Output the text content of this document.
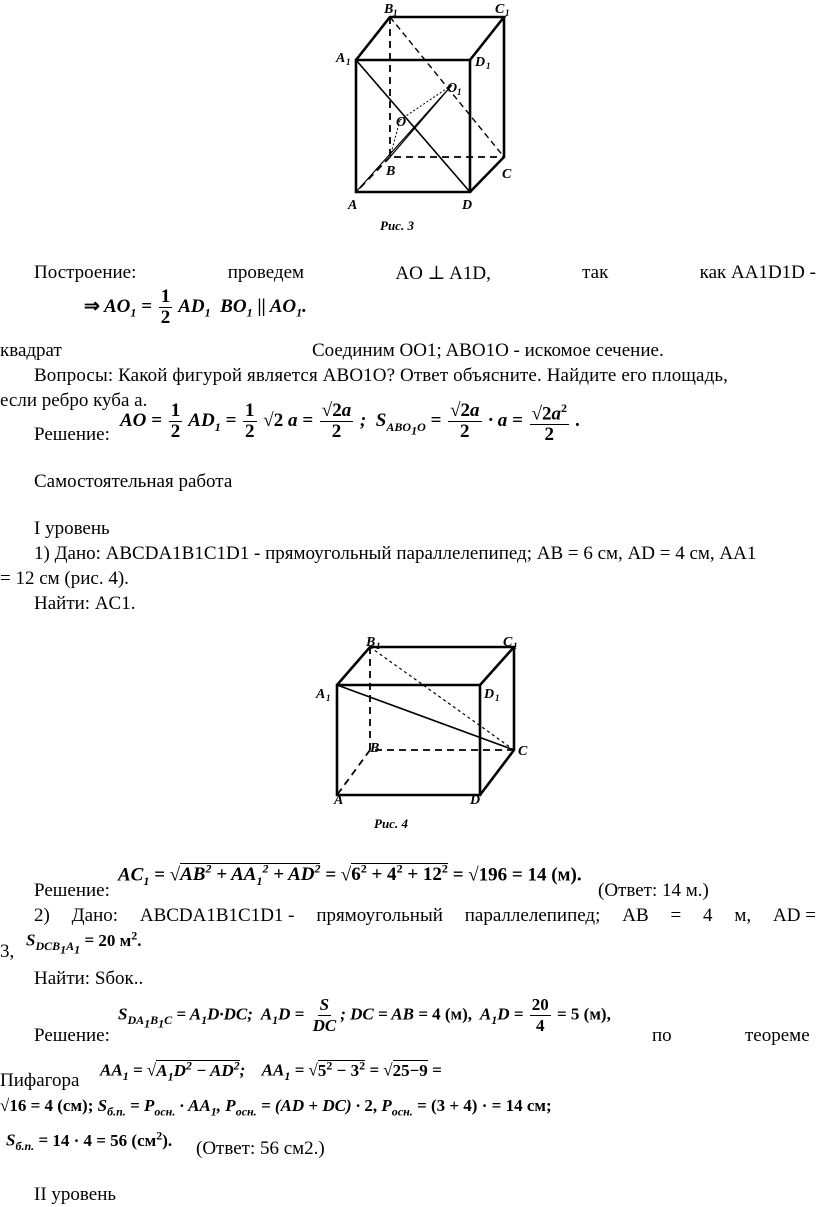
B 1	C 1
A 1	D 1
O 1
O
B	C
A	D
Рис. 3
Построение:	проведем	AO ⊥ A1D,	так	как AA1D1D -
квадрат
⇒ $AO_1 = \frac{1}{2} AD_1$  $BO_1$ || $AO_1$.
Соединим OO1; ABO1O - искомое сечение.
Вопросы: Какой фигурой является ABO1O? Ответ объясните. Найдите его площадь,
если ребро куба а.
Решение:
AO = $\frac{1}{2} AD_1 = \frac{1}{2} √2$ $a = \frac{√2a}{2}$ ;  $S_{ABO_1O} = \frac{√2a}{2} \cdot a = \frac{√2a^2}{2}$ .
Самостоятельная работа
I уровень
1) Дано: ABCDA1B1C1D1 - прямоугольный параллелепипед; AB = 6 см, AD = 4 см, AA1
= 12 см (рис. 4).
Найти: AC1.
B 1	C 1
A 1	D 1
B	C
A	D
Рис. 4
Решение:
$AC_1 = √AB^2 + AA_1^2 + AD^2 = √6^2 + 4^2 + 12^2 = √196 = 14$ (м).
(Ответ: 14 м.)
2) Дано: ABCDA1B1C1D1 - прямоугольный параллелепипед; AB = 4 м, AD =
3,
$S_{DCB_1A_1} = 20$ $м^2$.
Найти: Sбок..
Решение:
$S_{DA_1B_1C} = A_1D\cdot DC$;  $A_1D = \frac{S}{DC}$ ; DC = AB = 4 (м),  $A_1D = \frac{20}{4} = 5$ (м),
по	теореме
Пифагора $AA_1 = √A_1D^2 - AD^2$;    $AA_1 = √5^2 - 3^2 = √25-9$ =
√16 = 4 (см); $S_{б.п.} = P_{осн.} \cdot AA_1$, $P_{осн.} = (AD + DC) \cdot 2$, $P_{осн.} = (3 + 4)$ · = 14 см;
$S_{б.п.} = 14 \cdot 4 = 56$ $(см^2)$. (Ответ: 56 см2.)
II уровень
